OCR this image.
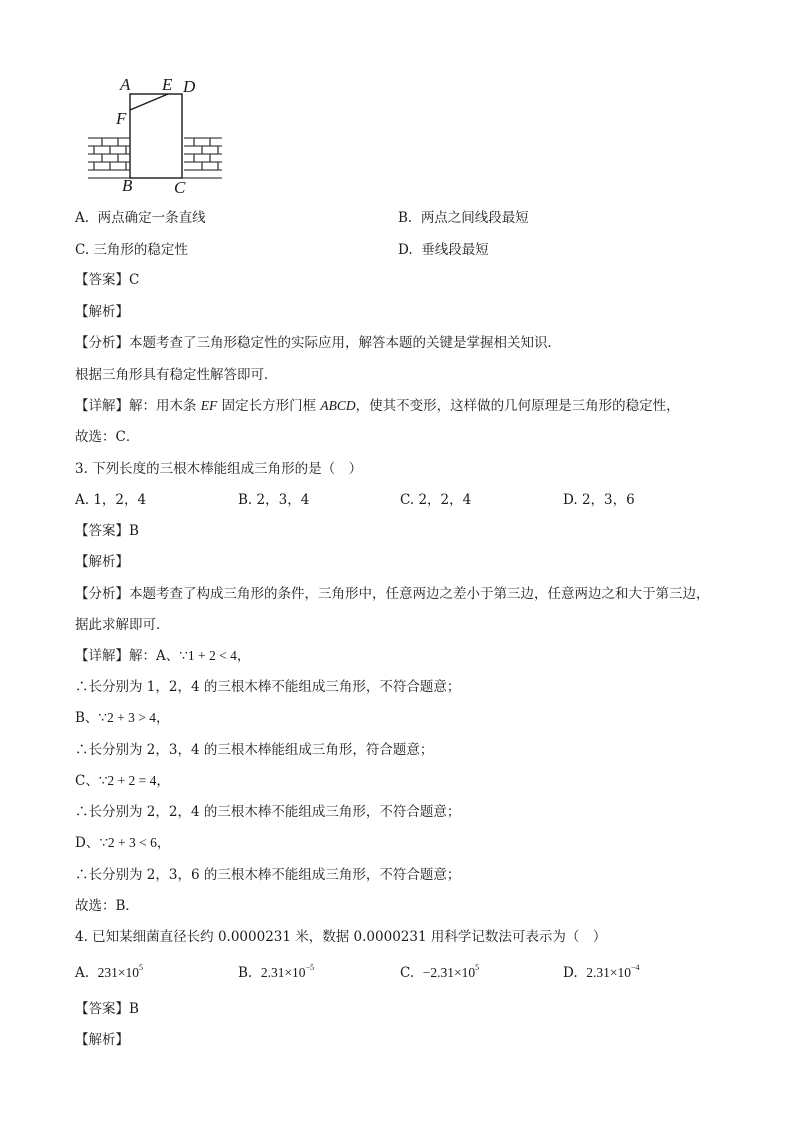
A E D
F
B C
A. 两点确定一条直线	B. 两点之间线段最短
C. 三角形的稳定性	D. 垂线段最短
【答案】C
【解析】
【分析】本题考查了三角形稳定性的实际应用，解答本题的关键是掌握相关知识．
根据三角形具有稳定性解答即可．
【详解】解：用木条 EF 固定长方形门框 ABCD，使其不变形，这样做的几何原理是三角形的稳定性，
故选：C．
3. 下列长度的三根木棒能组成三角形的是（　）
A. 1，2，4	B. 2，3，4	C. 2，2，4	D. 2，3，6
【答案】B
【解析】
【分析】本题考查了构成三角形的条件，三角形中，任意两边之差小于第三边，任意两边之和大于第三边，
据此求解即可．
【详解】解：A、∵1 + 2 < 4，
∴长分别为 1，2，4 的三根木棒不能组成三角形，不符合题意；
B、∵2 + 3 > 4，
∴长分别为 2，3，4 的三根木棒能组成三角形，符合题意；
C、∵2 + 2 = 4，
∴长分别为 2，2，4 的三根木棒不能组成三角形，不符合题意；
D、∵2 + 3 < 6，
∴长分别为 2，3，6 的三根木棒不能组成三角形，不符合题意；
故选：B．
4. 已知某细菌直径长约 0.0000231 米，数据 0.0000231 用科学记数法可表示为（　）
A. $231\times 10^5$	B. $2.31\times 10^{-5}$	C. $-2.31\times 10^5$	D. $2.31\times 10^{-4}$
【答案】B
【解析】
